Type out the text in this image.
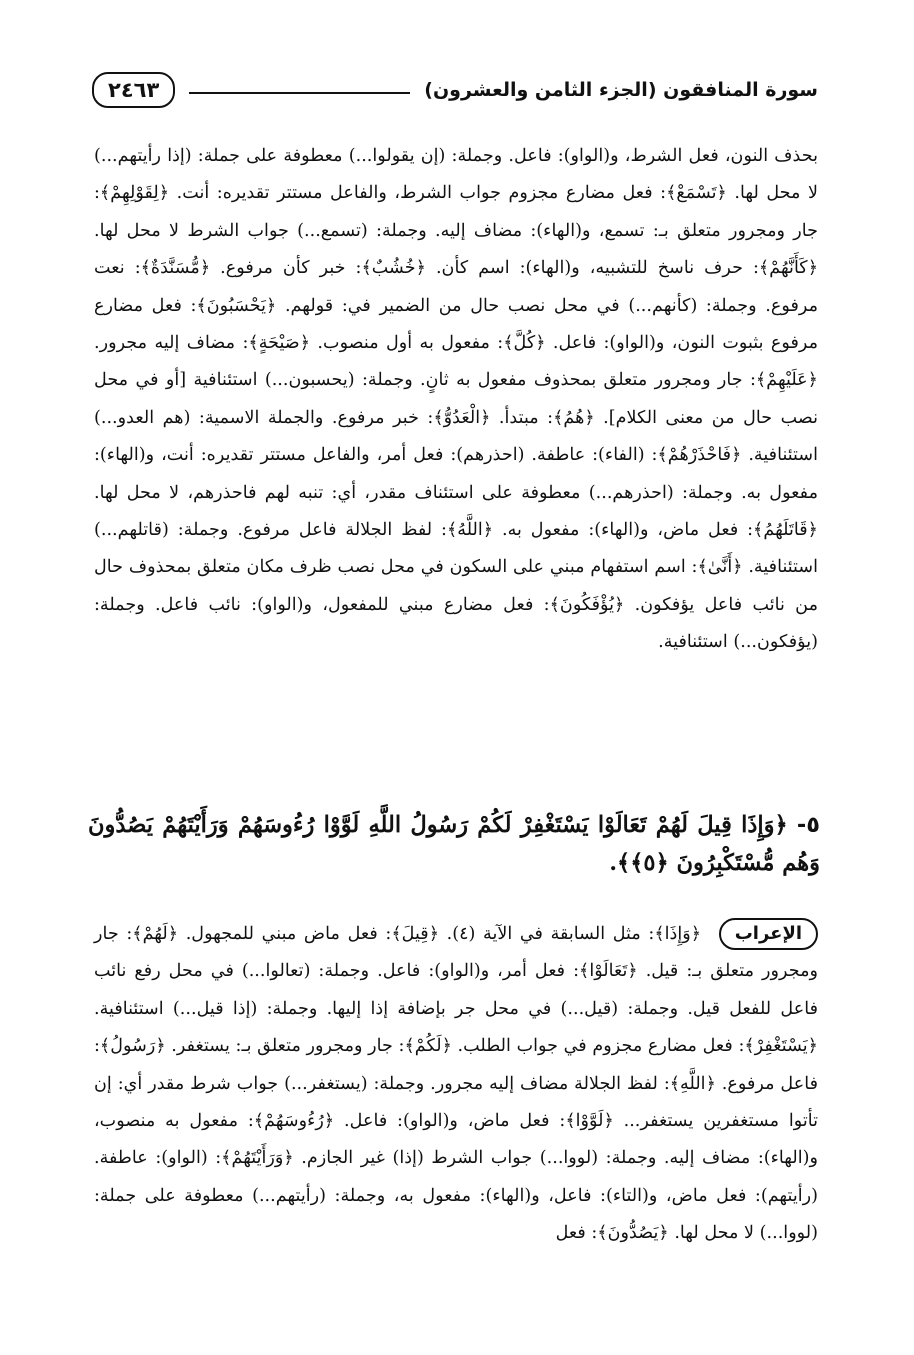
سورة المنافقون (الجزء الثامن والعشرون)
٢٤٦٣

بحذف النون، فعل الشرط، و(الواو): فاعل. وجملة: (إن يقولوا...) معطوفة على جملة: (إذا رأيتهم...) لا محل لها. ﴿تَسْمَعْ﴾: فعل مضارع مجزوم جواب الشرط، والفاعل مستتر تقديره: أنت. ﴿لِقَوْلِهِمْ﴾: جار ومجرور متعلق بـ: تسمع، و(الهاء): مضاف إليه. وجملة: (تسمع...) جواب الشرط لا محل لها. ﴿كَأَنَّهُمْ﴾: حرف ناسخ للتشبيه، و(الهاء): اسم كأن. ﴿خُشُبٌ﴾: خبر كأن مرفوع. ﴿مُّسَنَّدَةٌ﴾: نعت مرفوع. وجملة: (كأنهم...) في محل نصب حال من الضمير في: قولهم. ﴿يَحْسَبُونَ﴾: فعل مضارع مرفوع بثبوت النون، و(الواو): فاعل. ﴿كُلَّ﴾: مفعول به أول منصوب. ﴿صَيْحَةٍ﴾: مضاف إليه مجرور. ﴿عَلَيْهِمْ﴾: جار ومجرور متعلق بمحذوف مفعول به ثانٍ. وجملة: (يحسبون...) استئنافية [أو في محل نصب حال من معنى الكلام]. ﴿هُمُ﴾: مبتدأ. ﴿الْعَدُوُّ﴾: خبر مرفوع. والجملة الاسمية: (هم العدو...) استئنافية. ﴿فَاحْذَرْهُمْ﴾: (الفاء): عاطفة. (احذرهم): فعل أمر، والفاعل مستتر تقديره: أنت، و(الهاء): مفعول به. وجملة: (احذرهم...) معطوفة على استئناف مقدر، أي: تنبه لهم فاحذرهم، لا محل لها. ﴿قَاتَلَهُمُ﴾: فعل ماض، و(الهاء): مفعول به. ﴿اللَّهُ﴾: لفظ الجلالة فاعل مرفوع. وجملة: (قاتلهم...) استئنافية. ﴿أَنَّىٰ﴾: اسم استفهام مبني على السكون في محل نصب ظرف مكان متعلق بمحذوف حال من نائب فاعل يؤفكون. ﴿يُؤْفَكُونَ﴾: فعل مضارع مبني للمفعول، و(الواو): نائب فاعل. وجملة: (يؤفكون...) استئنافية.

٥- ﴿وَإِذَا قِيلَ لَهُمْ تَعَالَوْا يَسْتَغْفِرْ لَكُمْ رَسُولُ اللَّهِ لَوَّوْا رُءُوسَهُمْ وَرَأَيْتَهُمْ يَصُدُّونَ وَهُم مُّسْتَكْبِرُونَ ﴿٥﴾﴾.
الإعراب ﴿وَإِذَا﴾: مثل السابقة في الآية (٤). ﴿قِيلَ﴾: فعل ماض مبني للمجهول. ﴿لَهُمْ﴾: جار ومجرور متعلق بـ: قيل. ﴿تَعَالَوْا﴾: فعل أمر، و(الواو): فاعل. وجملة: (تعالوا...) في محل رفع نائب فاعل للفعل قيل. وجملة: (قيل...) في محل جر بإضافة إذا إليها. وجملة: (إذا قيل...) استئنافية. ﴿يَسْتَغْفِرْ﴾: فعل مضارع مجزوم في جواب الطلب. ﴿لَكُمْ﴾: جار ومجرور متعلق بـ: يستغفر. ﴿رَسُولُ﴾: فاعل مرفوع. ﴿اللَّهِ﴾: لفظ الجلالة مضاف إليه مجرور. وجملة: (يستغفر...) جواب شرط مقدر أي: إن تأتوا مستغفرين يستغفر... ﴿لَوَّوْا﴾: فعل ماض، و(الواو): فاعل. ﴿رُءُوسَهُمْ﴾: مفعول به منصوب، و(الهاء): مضاف إليه. وجملة: (لووا...) جواب الشرط (إذا) غير الجازم. ﴿وَرَأَيْتَهُمْ﴾: (الواو): عاطفة. (رأيتهم): فعل ماض، و(التاء): فاعل، و(الهاء): مفعول به، وجملة: (رأيتهم...) معطوفة على جملة: (لووا...) لا محل لها. ﴿يَصُدُّونَ﴾: فعل
